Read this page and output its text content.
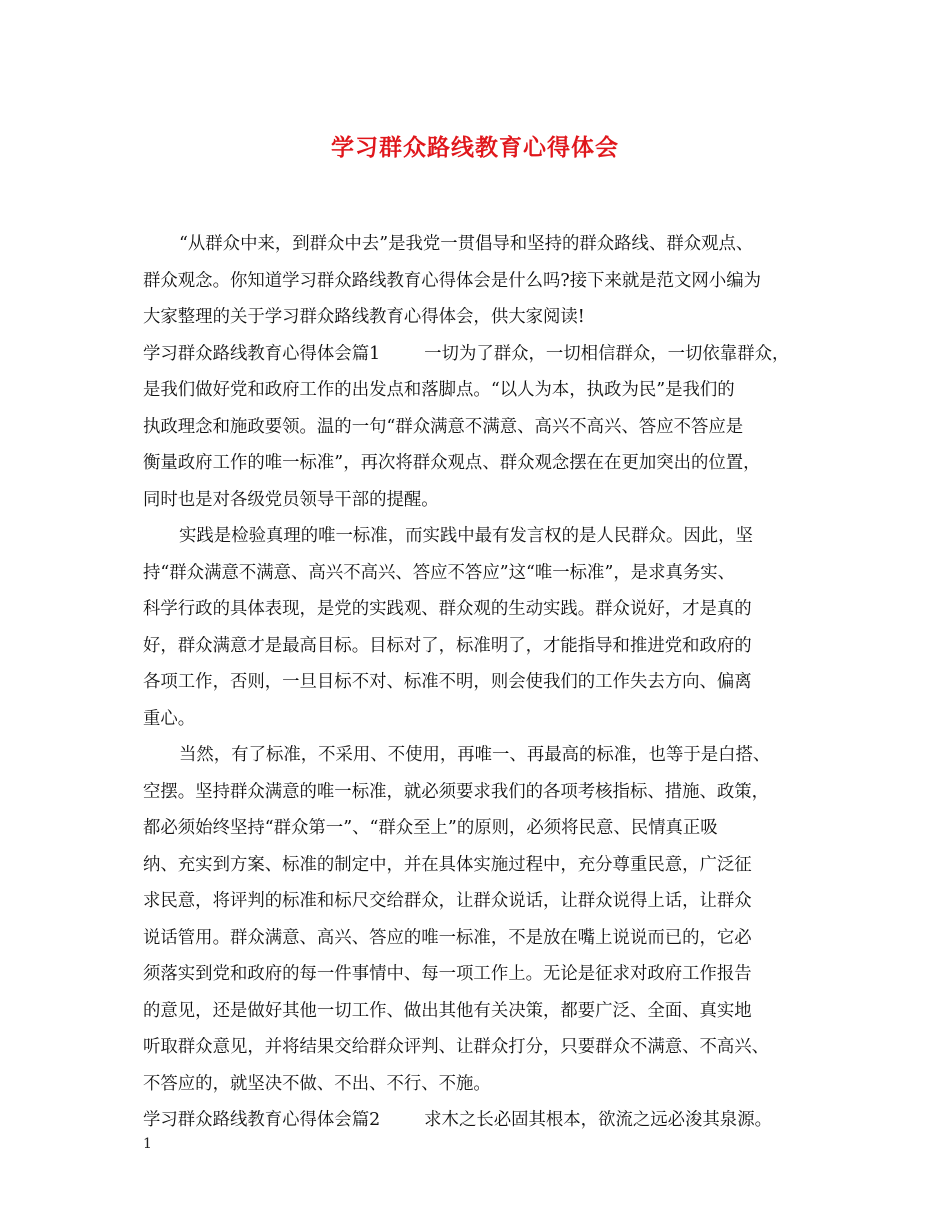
学习群众路线教育心得体会
“从群众中来，到群众中去”是我党一贯倡导和坚持的群众路线、群众观点、
群众观念。你知道学习群众路线教育心得体会是什么吗?接下来就是范文网小编为
大家整理的关于学习群众路线教育心得体会，供大家阅读!
学习群众路线教育心得体会篇1	一切为了群众，一切相信群众，一切依靠群众，
是我们做好党和政府工作的出发点和落脚点。“以人为本，执政为民”是我们的
执政理念和施政要领。温的一句“群众满意不满意、高兴不高兴、答应不答应是
衡量政府工作的唯一标准”，再次将群众观点、群众观念摆在在更加突出的位置，
同时也是对各级党员领导干部的提醒。
实践是检验真理的唯一标准，而实践中最有发言权的是人民群众。因此，坚
持“群众满意不满意、高兴不高兴、答应不答应”这“唯一标准”，是求真务实、
科学行政的具体表现，是党的实践观、群众观的生动实践。群众说好，才是真的
好，群众满意才是最高目标。目标对了，标准明了，才能指导和推进党和政府的
各项工作，否则，一旦目标不对、标准不明，则会使我们的工作失去方向、偏离
重心。
当然，有了标准，不采用、不使用，再唯一、再最高的标准，也等于是白搭、
空摆。坚持群众满意的唯一标准，就必须要求我们的各项考核指标、措施、政策，
都必须始终坚持“群众第一”、“群众至上”的原则，必须将民意、民情真正吸
纳、充实到方案、标准的制定中，并在具体实施过程中，充分尊重民意，广泛征
求民意，将评判的标准和标尺交给群众，让群众说话，让群众说得上话，让群众
说话管用。群众满意、高兴、答应的唯一标准，不是放在嘴上说说而已的，它必
须落实到党和政府的每一件事情中、每一项工作上。无论是征求对政府工作报告
的意见，还是做好其他一切工作、做出其他有关决策，都要广泛、全面、真实地
听取群众意见，并将结果交给群众评判、让群众打分，只要群众不满意、不高兴、
不答应的，就坚决不做、不出、不行、不施。
学习群众路线教育心得体会篇2	求木之长必固其根本，欲流之远必浚其泉源。
1
